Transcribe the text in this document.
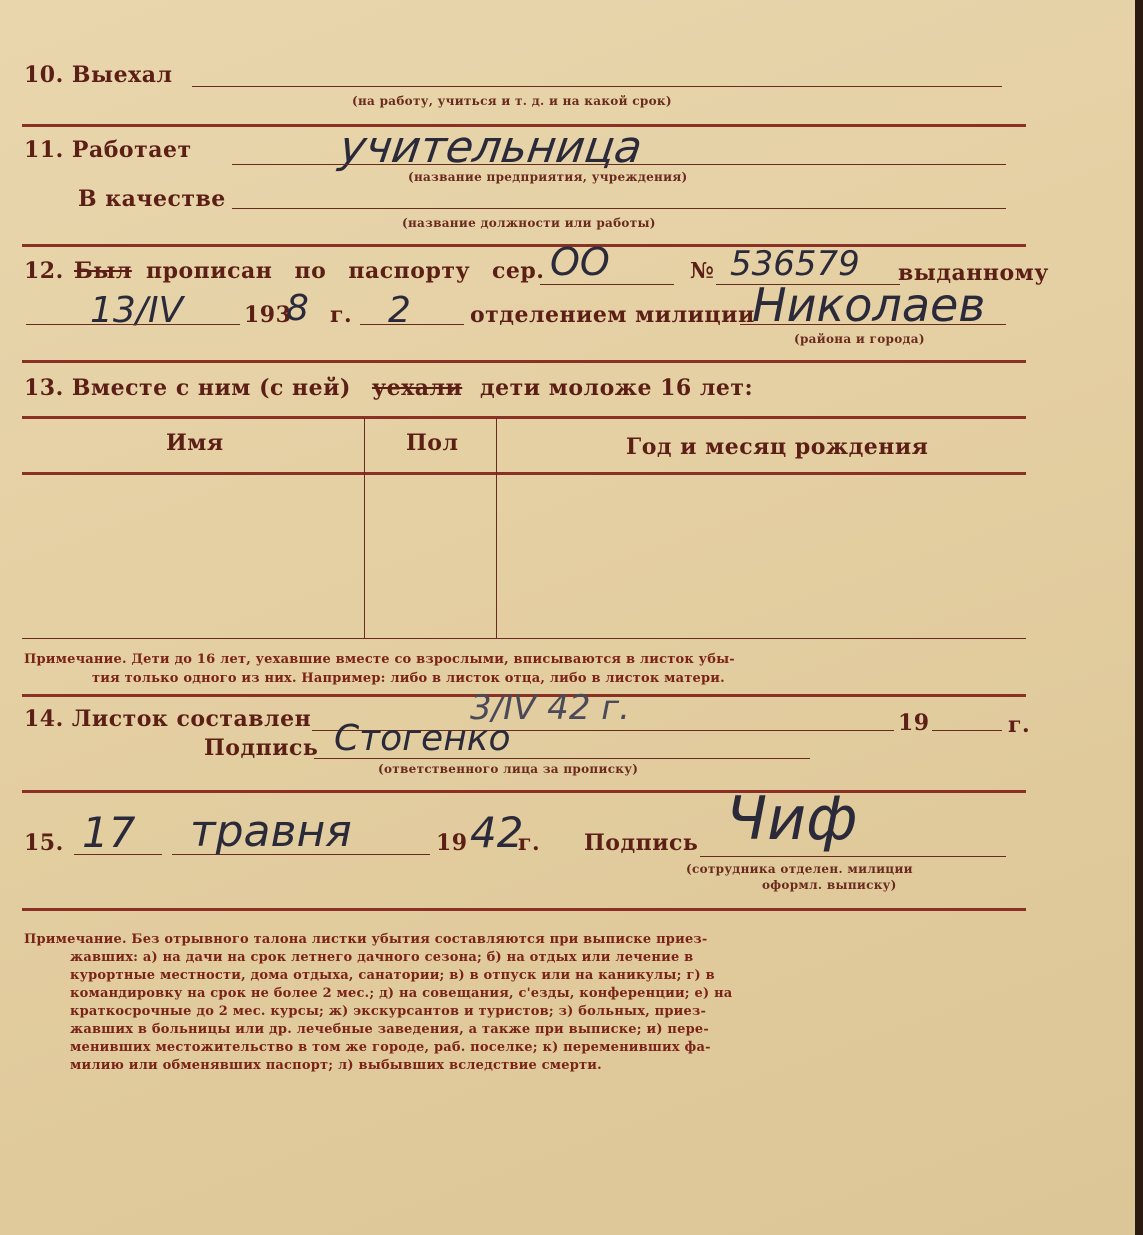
10. Выехал
(на работу, учиться и т. д. и на какой срок)
11. Работает	учительница
(название предприятия, учреждения)
В качестве
(название должности или работы)
12. Был прописан по паспорту сер. ОО	№ 536579 выданному
13/IV	193
8 г. 2	отделением милиции
Николаев
(района и города)
13. Вместе с ним (с ней) уехали дети моложе 16 лет:
Имя	Пол	Год и месяц рождения
Примечание. Дети до 16 лет, уехавшие вместе со взрослыми, вписываются в листок убы-
тия только одного из них. Например: либо в листок отца, либо в листок матери.
14. Листок составлен	3/IV 42 г.	19	г.
Подпись Стогенко
(ответственного лица за прописку)
15. 17 травня	19 42
г. Подпись Чиф
(сотрудника отделен. милиции
оформл. выписку)
Примечание. Без отрывного талона листки убытия составляются при выписке приез-
жавших: а) на дачи на срок летнего дачного сезона; б) на отдых или лечение в
курортные местности, дома отдыха, санатории; в) в отпуск или на каникулы; г) в
командировку на срок не более 2 мес.; д) на совещания, с'езды, конференции; е) на
краткосрочные до 2 мес. курсы; ж) экскурсантов и туристов; з) больных, приез-
жавших в больницы или др. лечебные заведения, а также при выписке; и) пере-
менивших местожительство в том же городе, раб. поселке; к) переменивших фа-
милию или обменявших паспорт; л) выбывших вследствие смерти.
